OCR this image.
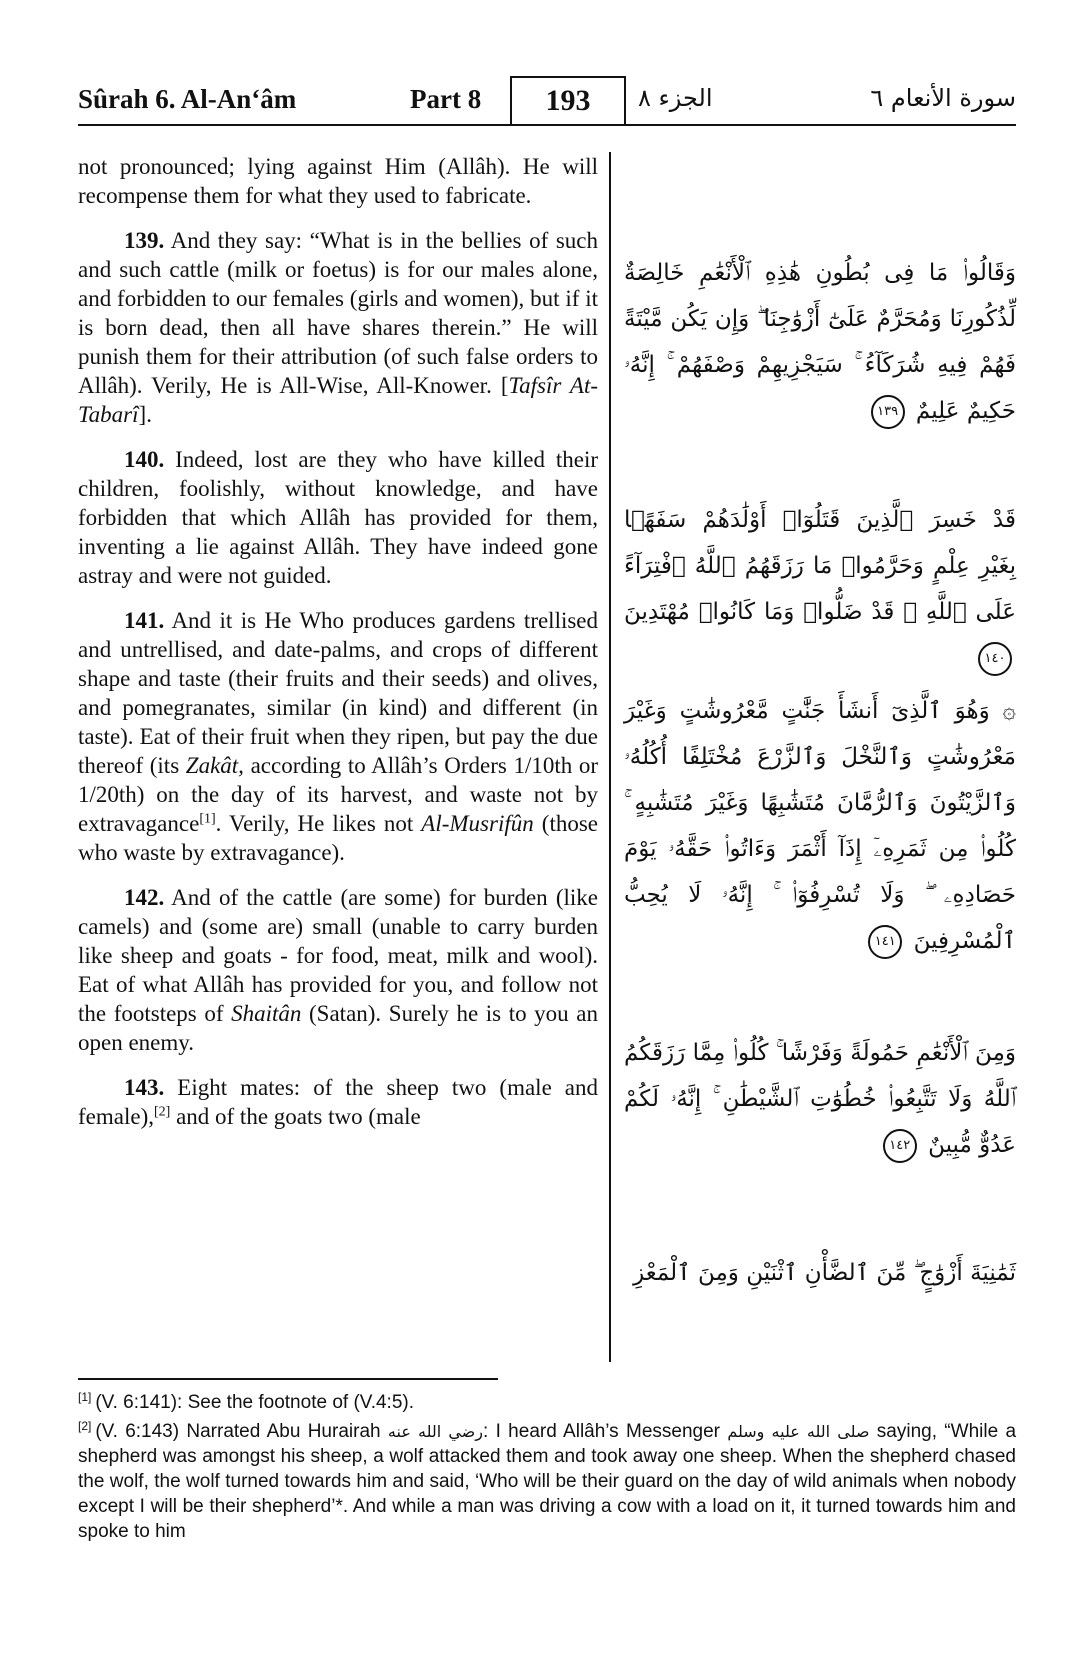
Sûrah 6. Al-An‘âm	Part 8 193 الجزء ٨	سورة الأنعام ٦

not pronounced; lying against Him (Allâh). He will recompense them for what they used to fabricate.

139. And they say: “What is in the bellies of such and such cattle (milk or foetus) is for our males alone, and forbidden to our females (girls and women), but if it is born dead, then all have shares therein.” He will punish them for their attribution (of such false orders to Allâh). Verily, He is All-Wise, All-Knower. [Tafsîr At-Tabarî].

140. Indeed, lost are they who have killed their children, foolishly, without knowledge, and have forbidden that which Allâh has provided for them, inventing a lie against Allâh. They have indeed gone astray and were not guided.

141. And it is He Who produces gardens trellised and untrellised, and date-palms, and crops of different shape and taste (their fruits and their seeds) and olives, and pomegranates, similar (in kind) and different (in taste). Eat of their fruit when they ripen, but pay the due thereof (its Zakât, according to Allâh’s Orders 1/10th or 1/20th) on the day of its harvest, and waste not by extravagance[1]. Verily, He likes not Al-Musrifûn (those who waste by extravagance).

142. And of the cattle (are some) for burden (like camels) and (some are) small (unable to carry burden like sheep and goats - for food, meat, milk and wool). Eat of what Allâh has provided for you, and follow not the footsteps of Shaitân (Satan). Surely he is to you an open enemy.

143. Eight mates: of the sheep two (male and female),[2] and of the goats two (male

وَقَالُوا۟ مَا فِى بُطُونِ هَٰذِهِ ٱلْأَنْعَٰمِ خَالِصَةٌ لِّذُكُورِنَا وَمُحَرَّمٌ عَلَىٰٓ أَزْوَٰجِنَا ۖ وَإِن يَكُن مَّيْتَةً فَهُمْ فِيهِ شُرَكَآءُ ۚ سَيَجْزِيهِمْ وَصْفَهُمْ ۚ إِنَّهُۥ حَكِيمٌ عَلِيمٌ ١٣٩
قَدْ خَسِرَ ٱلَّذِينَ قَتَلُوٓا۟ أَوْلَٰدَهُمْ سَفَهًۢا بِغَيْرِ عِلْمٍ وَحَرَّمُوا۟ مَا رَزَقَهُمُ ٱللَّهُ ٱفْتِرَآءً عَلَى ٱللَّهِ ۚ قَدْ ضَلُّوا۟ وَمَا كَانُوا۟ مُهْتَدِينَ ١٤٠
۞ وَهُوَ ٱلَّذِىٓ أَنشَأَ جَنَّٰتٍ مَّعْرُوشَٰتٍ وَغَيْرَ مَعْرُوشَٰتٍ وَٱلنَّخْلَ وَٱلزَّرْعَ مُخْتَلِفًا أُكُلُهُۥ وَٱلزَّيْتُونَ وَٱلرُّمَّانَ مُتَشَٰبِهًا وَغَيْرَ مُتَشَٰبِهٍ ۚ كُلُوا۟ مِن ثَمَرِهِۦٓ إِذَآ أَثْمَرَ وَءَاتُوا۟ حَقَّهُۥ يَوْمَ حَصَادِهِۦ ۖ وَلَا تُسْرِفُوٓا۟ ۚ إِنَّهُۥ لَا يُحِبُّ ٱلْمُسْرِفِينَ ١٤١
وَمِنَ ٱلْأَنْعَٰمِ حَمُولَةً وَفَرْشًا ۚ كُلُوا۟ مِمَّا رَزَقَكُمُ ٱللَّهُ وَلَا تَتَّبِعُوا۟ خُطُوَٰتِ ٱلشَّيْطَٰنِ ۚ إِنَّهُۥ لَكُمْ عَدُوٌّ مُّبِينٌ ١٤٢
ثَمَٰنِيَةَ أَزْوَٰجٍ ۖ مِّنَ ٱلضَّأْنِ ٱثْنَيْنِ وَمِنَ ٱلْمَعْزِ

[1] (V. 6:141): See the footnote of (V.4:5).

[2] (V. 6:143) Narrated Abu Hurairah رضي الله عنه: I heard Allâh’s Messenger صلى الله عليه وسلم saying, “While a shepherd was amongst his sheep, a wolf attacked them and took away one sheep. When the shepherd chased the wolf, the wolf turned towards him and said, ‘Who will be their guard on the day of wild animals when nobody except I will be their shepherd’*. And while a man was driving a cow with a load on it, it turned towards him and spoke to him
